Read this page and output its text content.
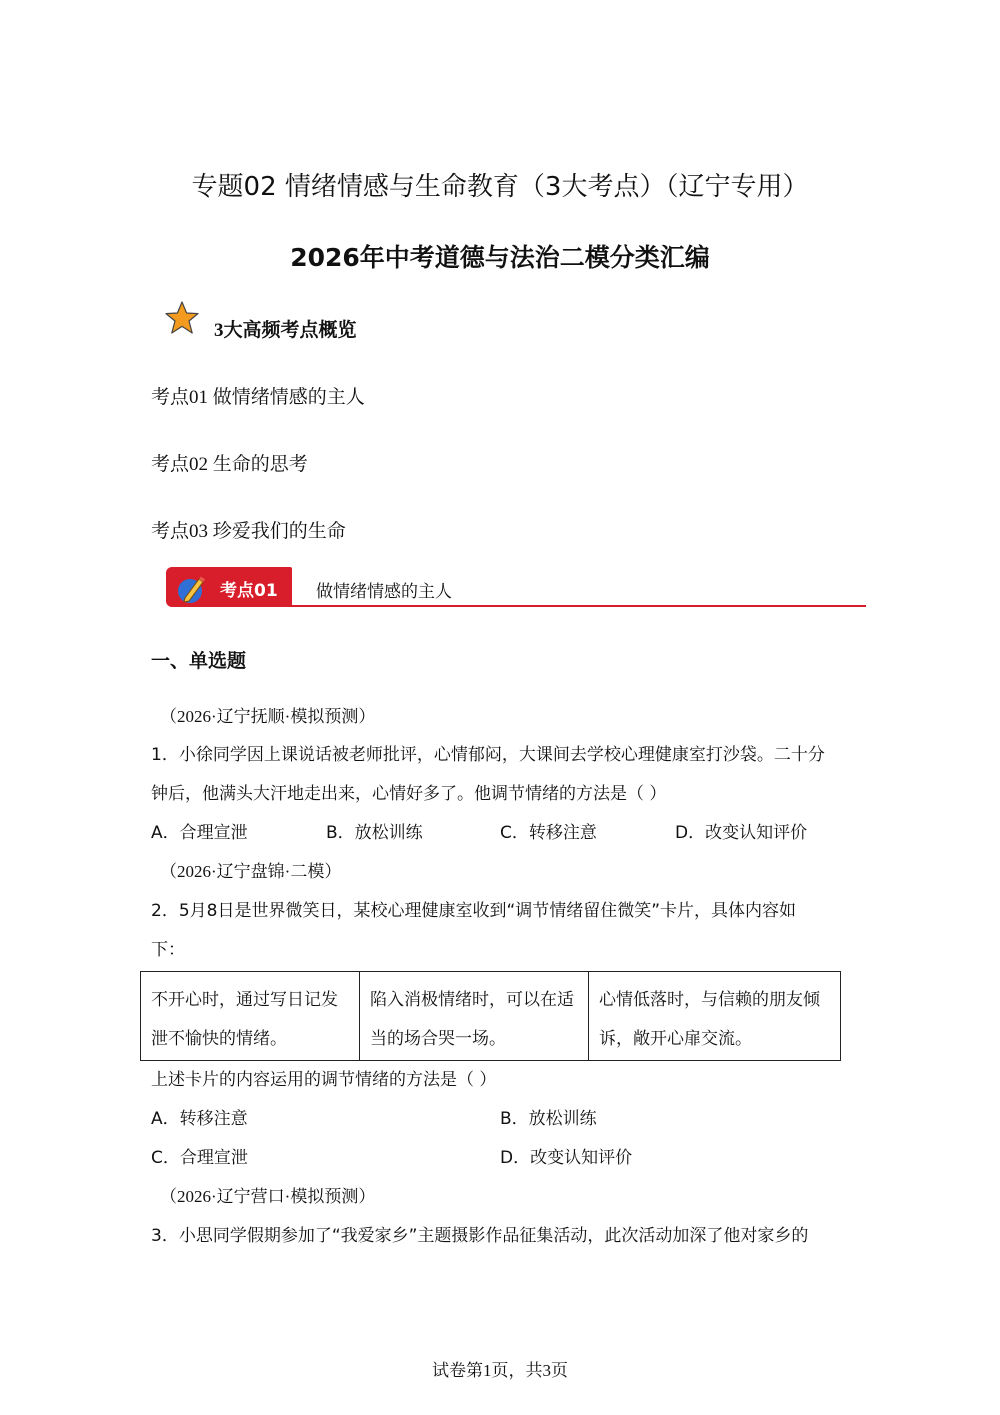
专题02 情绪情感与生命教育（3大考点）（辽宁专用）
2026年中考道德与法治二模分类汇编
3大高频考点概览
考点01 做情绪情感的主人
考点02 生命的思考
考点03 珍爱我们的生命
考点01 做情绪情感的主人
一、单选题
（2026·辽宁抚顺·模拟预测）
1．小徐同学因上课说话被老师批评，心情郁闷，大课间去学校心理健康室打沙袋。二十分
钟后，他满头大汗地走出来，心情好多了。他调节情绪的方法是（ ）
A．合理宣泄	B．放松训练	C．转移注意	D．改变认知评价
（2026·辽宁盘锦·二模）
2．5月8日是世界微笑日，某校心理健康室收到“调节情绪留住微笑”卡片，具体内容如
下：
不开心时，通过写日记发泄不愉快的情绪。	陷入消极情绪时，可以在适当的场合哭一场。	心情低落时，与信赖的朋友倾诉，敞开心扉交流。
上述卡片的内容运用的调节情绪的方法是（ ）
A．转移注意	B．放松训练
C．合理宣泄	D．改变认知评价
（2026·辽宁营口·模拟预测）
3．小思同学假期参加了“我爱家乡”主题摄影作品征集活动，此次活动加深了他对家乡的
试卷第1页，共3页
